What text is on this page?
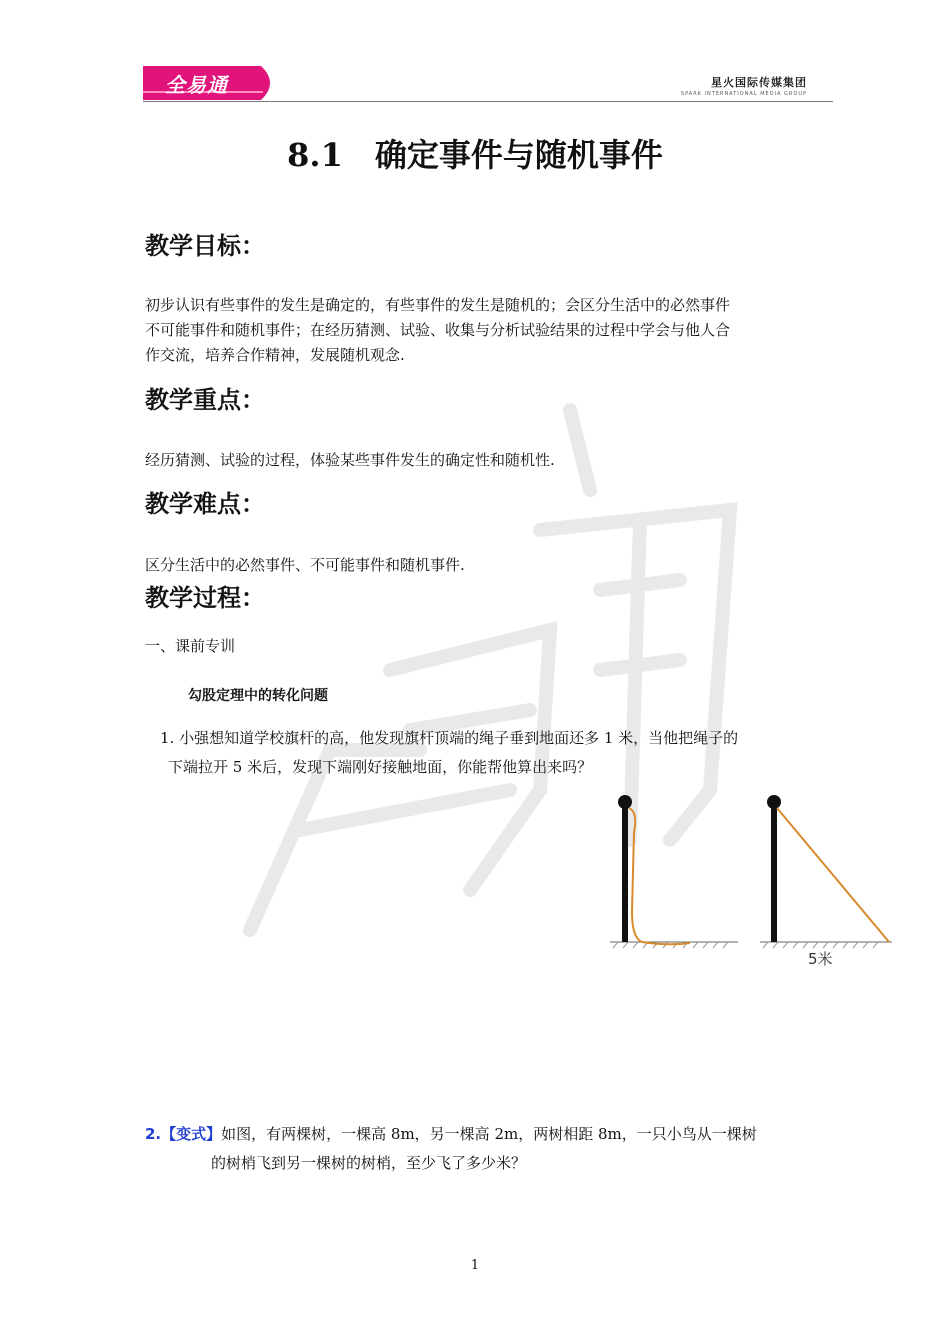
全易通	星火国际传媒集团
SPARK INTERNATIONAL MEDIA GROUP
8.1 确定事件与随机事件
教学目标：
初步认识有些事件的发生是确定的，有些事件的发生是随机的；会区分生活中的必然事件
不可能事件和随机事件；在经历猜测、试验、收集与分析试验结果的过程中学会与他人合
作交流，培养合作精神，发展随机观念.
教学重点：
经历猜测、试验的过程，体验某些事件发生的确定性和随机性.
教学难点：
区分生活中的必然事件、不可能事件和随机事件.
教学过程：
一、课前专训
勾股定理中的转化问题
1. 小强想知道学校旗杆的高，他发现旗杆顶端的绳子垂到地面还多 1 米，当他把绳子的
下端拉开 5 米后，发现下端刚好接触地面，你能帮他算出来吗？
5米
2.【变式】如图，有两棵树，一棵高 8m，另一棵高 2m，两树相距 8m，一只小鸟从一棵树
的树梢飞到另一棵树的树梢，至少飞了多少米？
1
